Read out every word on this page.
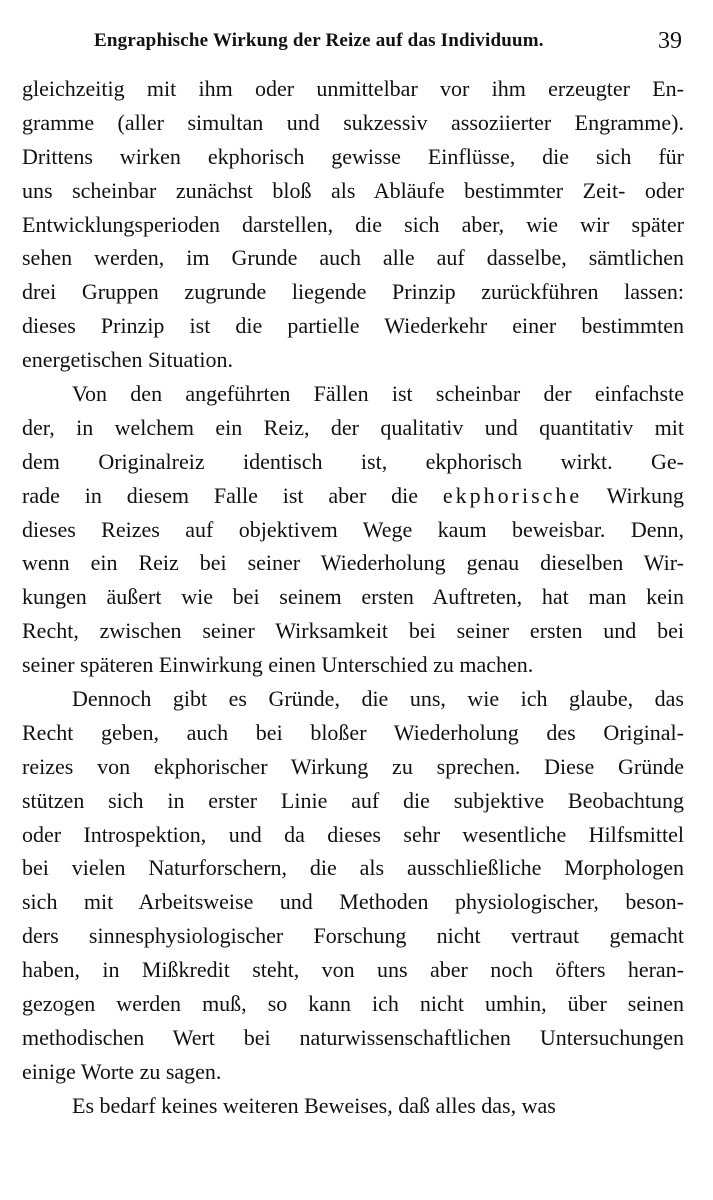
Engraphische Wirkung der Reize auf das Individuum.	39
gleichzeitig mit ihm oder unmittelbar vor ihm erzeugter En-
gramme (aller simultan und sukzessiv assoziierter Engramme).
Drittens wirken ekphorisch gewisse Einflüsse, die sich für
uns scheinbar zunächst bloß als Abläufe bestimmter Zeit- oder
Entwicklungsperioden darstellen, die sich aber, wie wir später
sehen werden, im Grunde auch alle auf dasselbe, sämtlichen
drei Gruppen zugrunde liegende Prinzip zurückführen lassen:
dieses Prinzip ist die partielle Wiederkehr einer bestimmten
energetischen Situation.
Von den angeführten Fällen ist scheinbar der einfachste
der, in welchem ein Reiz, der qualitativ und quantitativ mit
dem Originalreiz identisch ist, ekphorisch wirkt. Ge-
rade in diesem Falle ist aber die ekphorische Wirkung
dieses Reizes auf objektivem Wege kaum beweisbar. Denn,
wenn ein Reiz bei seiner Wiederholung genau dieselben Wir-
kungen äußert wie bei seinem ersten Auftreten, hat man kein
Recht, zwischen seiner Wirksamkeit bei seiner ersten und bei
seiner späteren Einwirkung einen Unterschied zu machen.
Dennoch gibt es Gründe, die uns, wie ich glaube, das
Recht geben, auch bei bloßer Wiederholung des Original-
reizes von ekphorischer Wirkung zu sprechen. Diese Gründe
stützen sich in erster Linie auf die subjektive Beobachtung
oder Introspektion, und da dieses sehr wesentliche Hilfsmittel
bei vielen Naturforschern, die als ausschließliche Morphologen
sich mit Arbeitsweise und Methoden physiologischer, beson-
ders sinnesphysiologischer Forschung nicht vertraut gemacht
haben, in Mißkredit steht, von uns aber noch öfters heran-
gezogen werden muß, so kann ich nicht umhin, über seinen
methodischen Wert bei naturwissenschaftlichen Untersuchungen
einige Worte zu sagen.
Es bedarf keines weiteren Beweises, daß alles das, was
